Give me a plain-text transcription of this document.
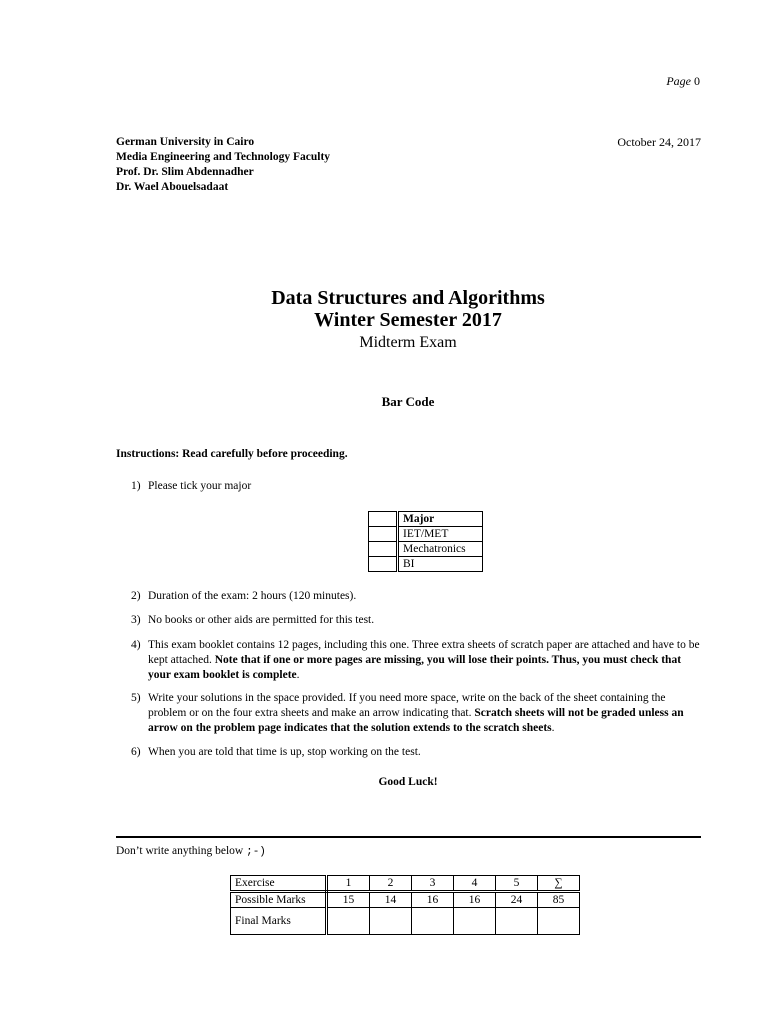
Page 0
German University in Cairo
Media Engineering and Technology Faculty
Prof. Dr. Slim Abdennadher
Dr. Wael Abouelsadaat
October 24, 2017
Data Structures and Algorithms
Winter Semester 2017
Midterm Exam
Bar Code
Instructions: Read carefully before proceeding.
1) Please tick your major
	Major
	IET/MET
	Mechatronics
	BI
2) Duration of the exam: 2 hours (120 minutes).
3) No books or other aids are permitted for this test.
4) This exam booklet contains 12 pages, including this one. Three extra sheets of scratch paper are attached and have to be kept attached. Note that if one or more pages are missing, you will lose their points. Thus, you must check that your exam booklet is complete.
5) Write your solutions in the space provided. If you need more space, write on the back of the sheet containing the problem or on the four extra sheets and make an arrow indicating that. Scratch sheets will not be graded unless an arrow on the problem page indicates that the solution extends to the scratch sheets.
6) When you are told that time is up, stop working on the test.
Good Luck!
Don’t write anything below ;-)
Exercise	1	2	3	4	5	∑
Possible Marks	15	14	16	16	24	85
Final Marks						
